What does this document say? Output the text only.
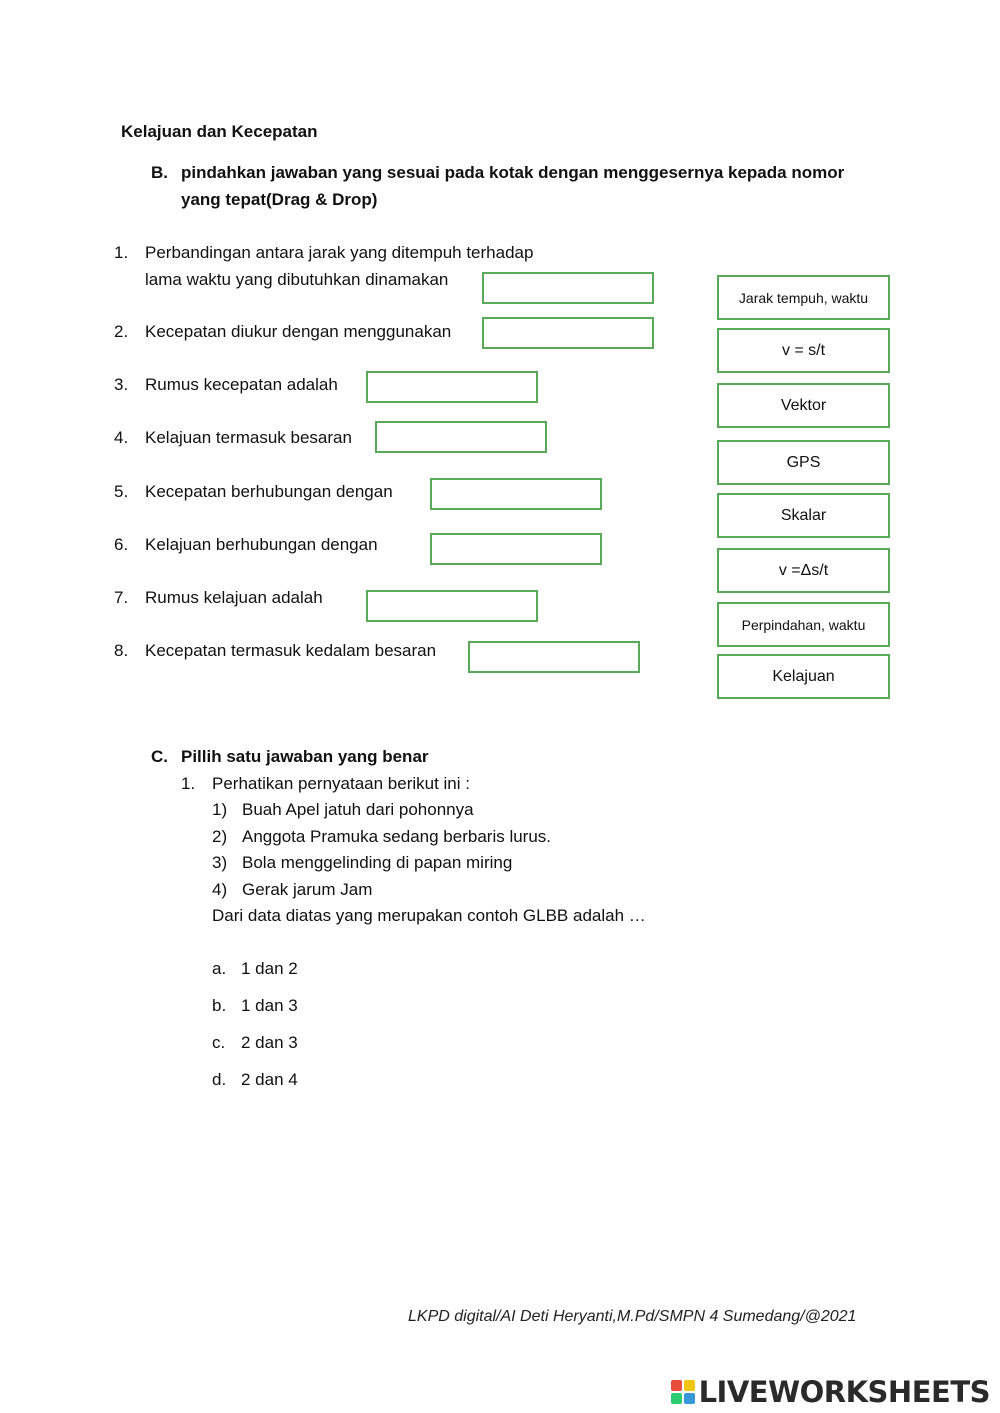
Kelajuan dan Kecepatan
B. pindahkan jawaban yang sesuai pada kotak dengan menggesernya kepada nomor yang tepat(Drag & Drop)
1. Perbandingan antara jarak yang ditempuh terhadap
lama waktu yang dibutuhkan dinamakan
2. Kecepatan diukur dengan menggunakan
3. Rumus kecepatan adalah
4. Kelajuan termasuk besaran
5. Kecepatan berhubungan dengan
6. Kelajuan berhubungan dengan
7. Rumus kelajuan adalah
8. Kecepatan termasuk kedalam besaran
Jarak tempuh, waktu
v = s/t
Vektor
GPS
Skalar
v =Δs/t
Perpindahan, waktu
Kelajuan
C. Pillih satu jawaban yang benar
1. Perhatikan pernyataan berikut ini :
1) Buah Apel jatuh dari pohonnya
2) Anggota Pramuka sedang berbaris lurus.
3) Bola menggelinding di papan miring
4) Gerak jarum Jam
Dari data diatas yang merupakan contoh GLBB adalah …
a. 1 dan 2
b. 1 dan 3
c. 2 dan 3
d. 2 dan 4
LKPD digital/AI Deti Heryanti,M.Pd/SMPN 4 Sumedang/@2021
LIVEWORKSHEETS
